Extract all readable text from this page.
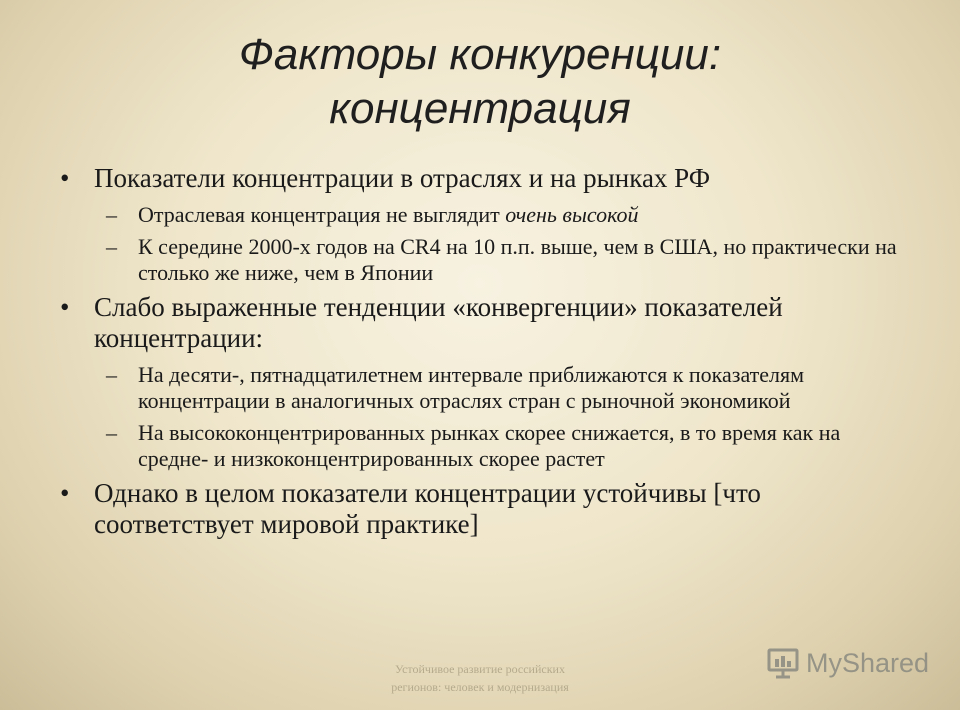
Факторы конкуренции:
концентрация
• Показатели концентрации в отраслях и на рынках РФ
– Отраслевая концентрация не выглядит очень высокой
– К середине 2000-х годов на CR4 на 10 п.п. выше, чем в США, но практически на столько же ниже, чем в Японии
• Слабо выраженные тенденции «конвергенции» показателей концентрации:
– На десяти-, пятнадцатилетнем интервале приближаются к показателям концентрации в аналогичных отраслях стран с рыночной экономикой
– На высококонцентрированных рынках скорее снижается, в то время как на средне- и низкоконцентрированных скорее растет
• Однако в целом показатели концентрации устойчивы [что соответствует мировой практике]
Устойчивое развитие российских
регионов: человек и модернизация
MyShared
